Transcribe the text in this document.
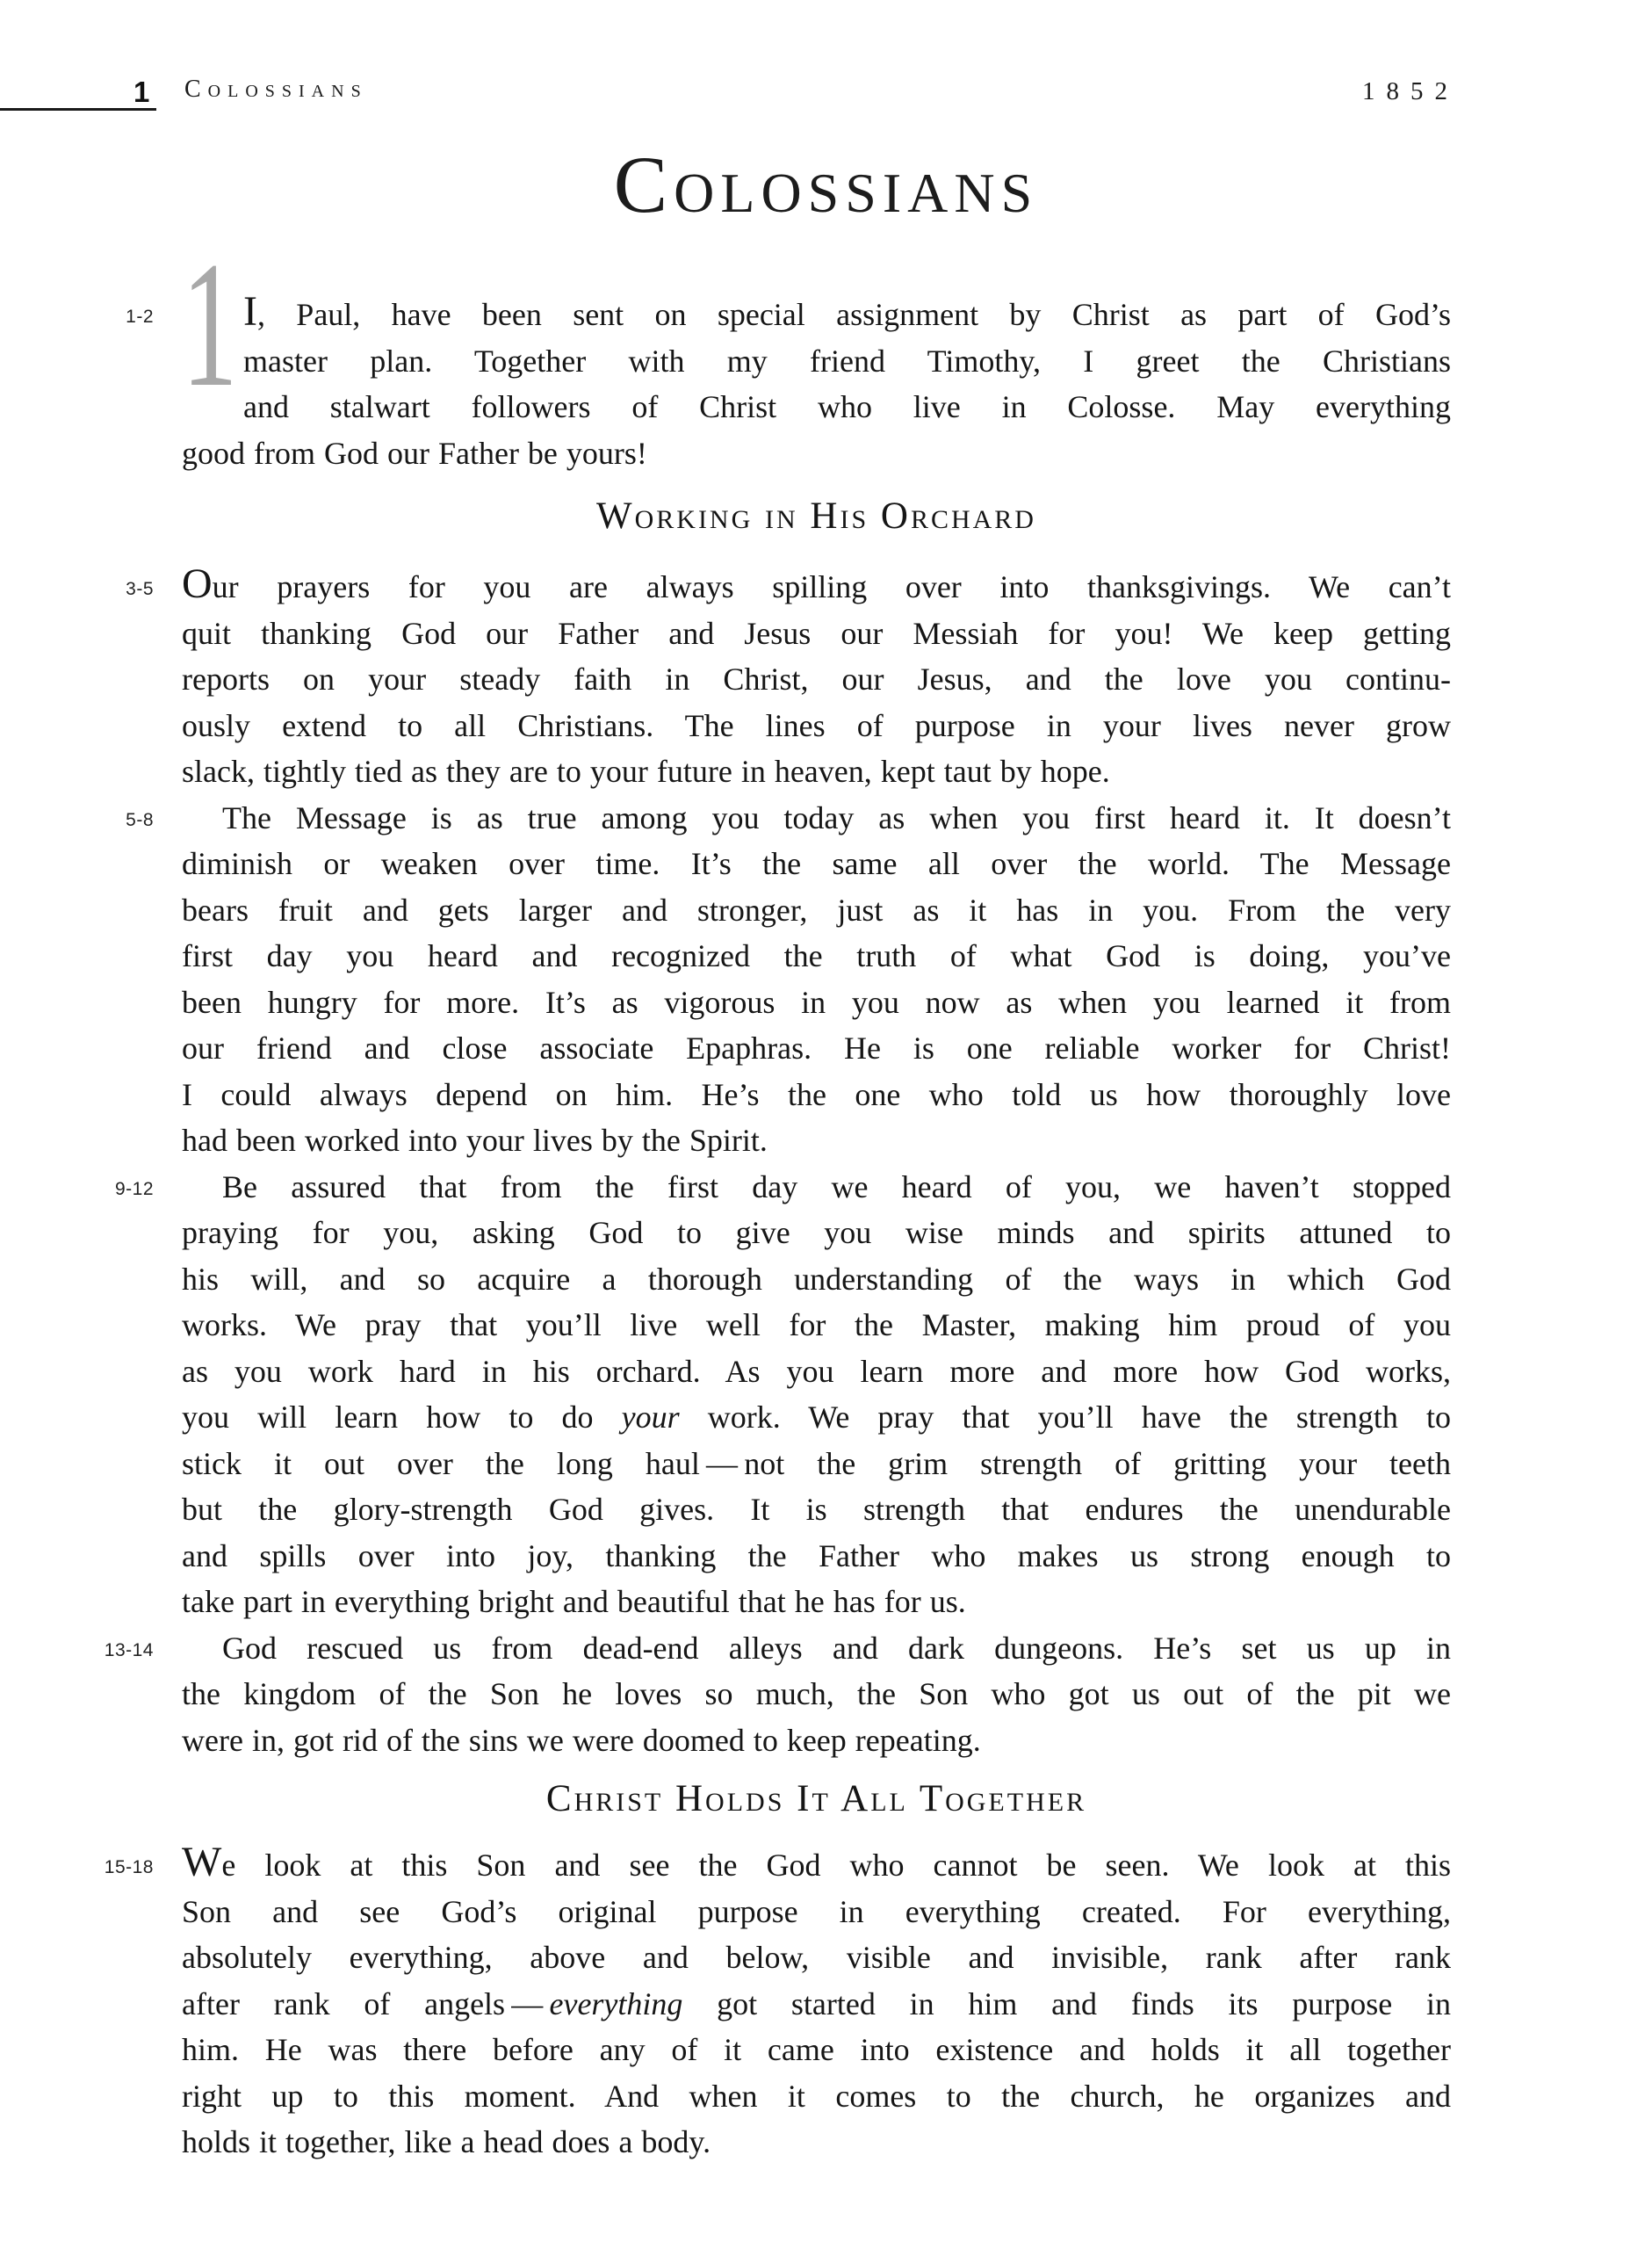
1 Colossians	1852
Colossians
1-2 1 I, Paul, have been sent on special assignment by Christ as part of God’s
master plan. Together with my friend Timothy, I greet the Christians
and stalwart followers of Christ who live in Colosse. May everything
good from God our Father be yours!
Working in His Orchard
3-5 Our prayers for you are always spilling over into thanksgivings. We can’t
quit thanking God our Father and Jesus our Messiah for you! We keep getting
reports on your steady faith in Christ, our Jesus, and the love you continu-
ously extend to all Christians. The lines of purpose in your lives never grow
slack, tightly tied as they are to your future in heaven, kept taut by hope.
5-8	The Message is as true among you today as when you first heard it. It doesn’t
diminish or weaken over time. It’s the same all over the world. The Message
bears fruit and gets larger and stronger, just as it has in you. From the very
first day you heard and recognized the truth of what God is doing, you’ve
been hungry for more. It’s as vigorous in you now as when you learned it from
our friend and close associate Epaphras. He is one reliable worker for Christ!
I could always depend on him. He’s the one who told us how thoroughly love
had been worked into your lives by the Spirit.
9-12	Be assured that from the first day we heard of you, we haven’t stopped
praying for you, asking God to give you wise minds and spirits attuned to
his will, and so acquire a thorough understanding of the ways in which God
works. We pray that you’ll live well for the Master, making him proud of you
as you work hard in his orchard. As you learn more and more how God works,
you will learn how to do your work. We pray that you’ll have the strength to
stick it out over the long haul — not the grim strength of gritting your teeth
but the glory-strength God gives. It is strength that endures the unendurable
and spills over into joy, thanking the Father who makes us strong enough to
take part in everything bright and beautiful that he has for us.
13-14	God rescued us from dead-end alleys and dark dungeons. He’s set us up in
the kingdom of the Son he loves so much, the Son who got us out of the pit we
were in, got rid of the sins we were doomed to keep repeating.
Christ Holds It All Together
15-18 We look at this Son and see the God who cannot be seen. We look at this
Son and see God’s original purpose in everything created. For everything,
absolutely everything, above and below, visible and invisible, rank after rank
after rank of angels — everything got started in him and finds its purpose in
him. He was there before any of it came into existence and holds it all together
right up to this moment. And when it comes to the church, he organizes and
holds it together, like a head does a body.
